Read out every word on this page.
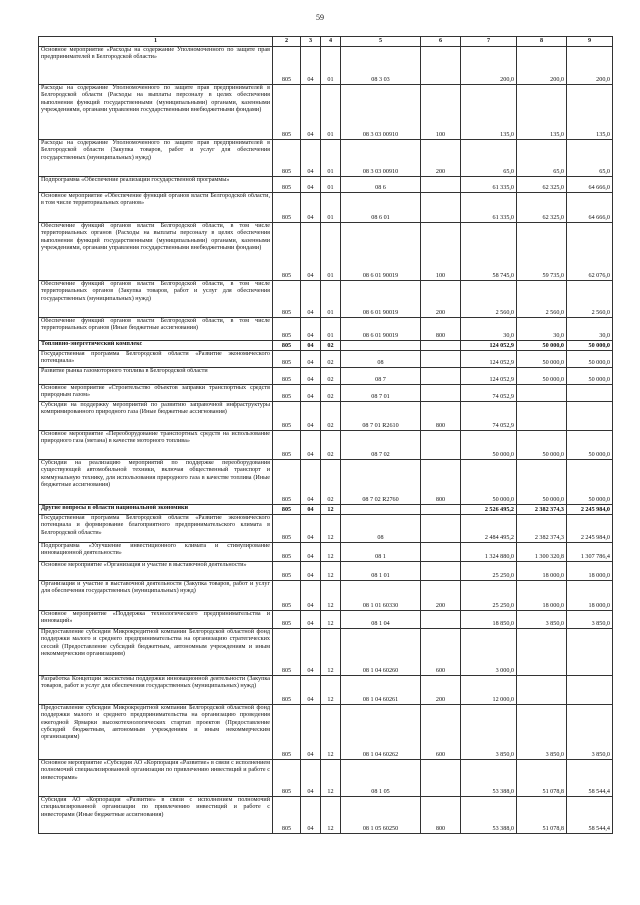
59
1	2	3	4	5	6	7	8	9
Основное мероприятие «Расходы на содержание Уполномоченного по защите прав предпринимателей в Белгородской области»	805	04	01	08 3 03		200,0	200,0	200,0
Расходы на содержание Уполномоченного по защите прав предпринимателей в Белгородской области (Расходы на выплаты персоналу в целях обеспечения выполнения функций государственными (муниципальными) органами, казенными учреждениями, органами управления государственными внебюджетными фондами)	805	04	01	08 3 03 00910	100	135,0	135,0	135,0
Расходы на содержание Уполномоченного по защите прав предпринимателей в Белгородской области (Закупка товаров, работ и услуг для обеспечения государственных (муниципальных) нужд)	805	04	01	08 3 03 00910	200	65,0	65,0	65,0
Подпрограмма «Обеспечение реализации государственной программы»	805	04	01	08 6		61 335,0	62 325,0	64 666,0
Основное мероприятие «Обеспечение функций органов власти Белгородской области, в том числе территориальных органов»	805	04	01	08 6 01		61 335,0	62 325,0	64 666,0
Обеспечение функций органов власти Белгородской области, в том числе территориальных органов (Расходы на выплаты персоналу в целях обеспечения выполнения функций государственными (муниципальными) органами, казенными учреждениями, органами управления государственными внебюджетными фондами)	805	04	01	08 6 01 90019	100	58 745,0	59 735,0	62 076,0
Обеспечение функций органов власти Белгородской области, в том числе территориальных органов (Закупка товаров, работ и услуг для обеспечения государственных (муниципальных) нужд)	805	04	01	08 6 01 90019	200	2 560,0	2 560,0	2 560,0
Обеспечение функций органов власти Белгородской области, в том числе территориальных органов (Иные бюджетные ассигнования)	805	04	01	08 6 01 90019	800	30,0	30,0	30,0
Топливно-энергетический комплекс	805	04	02			124 052,9	50 000,0	50 000,0
Государственная программа Белгородской области «Развитие экономического потенциала»	805	04	02	08		124 052,9	50 000,0	50 000,0
Развитие рынка газомоторного топлива в Белгородской области	805	04	02	08 7		124 052,9	50 000,0	50 000,0
Основное мероприятие «Строительство объектов заправки транспортных средств природным газом»	805	04	02	08 7 01		74 052,9		
Субсидии на поддержку мероприятий по развитию заправочной инфраструктуры компримированного природного газа (Иные бюджетные ассигнования)	805	04	02	08 7 01 R2610	800	74 052,9		
Основное мероприятие «Переоборудование транспортных средств на использование природного газа (метана) в качестве моторного топлива»	805	04	02	08 7 02		50 000,0	50 000,0	50 000,0
Субсидии на реализацию мероприятий по поддержке переоборудования существующей автомобильной техники, включая общественный транспорт и коммунальную технику, для использования природного газа в качестве топлива (Иные бюджетные ассигнования)	805	04	02	08 7 02 R2760	800	50 000,0	50 000,0	50 000,0
Другие вопросы в области национальной экономики	805	04	12			2 526 495,2	2 382 374,3	2 245 984,0
Государственная программа Белгородской области «Развитие экономического потенциала и формирование благоприятного предпринимательского климата в Белгородской области»	805	04	12	08		2 484 495,2	2 382 374,3	2 245 984,0
Подпрограмма «Улучшение инвестиционного климата и стимулирование инновационной деятельности»	805	04	12	08 1		1 324 880,0	1 300 320,8	1 307 786,4
Основное мероприятие «Организация и участие в выставочной деятельности»	805	04	12	08 1 01		25 250,0	18 000,0	18 000,0
Организация и участие в выставочной деятельности (Закупка товаров, работ и услуг для обеспечения государственных (муниципальных) нужд)	805	04	12	08 1 01 60330	200	25 250,0	18 000,0	18 000,0
Основное мероприятие «Поддержка технологического предпринимательства и инноваций»	805	04	12	08 1 04		18 850,0	3 850,0	3 850,0
Предоставление субсидии Микрокредитной компании Белгородской областной фонд поддержки малого и среднего предпринимательства на организацию стратегических сессий (Предоставление субсидий бюджетным, автономным учреждениям и иным некоммерческим организациям)	805	04	12	08 1 04 60260	600	3 000,0		
Разработка Концепции экосистемы поддержки инновационной деятельности (Закупка товаров, работ и услуг для обеспечения государственных (муниципальных) нужд)	805	04	12	08 1 04 60261	200	12 000,0		
Предоставление субсидии Микрокредитной компании Белгородской областной фонд поддержки малого и среднего предпринимательства на организацию проведения ежегодной Ярмарки высокотехнологических стартап проектов (Предоставление субсидий бюджетным, автономным учреждениям и иным некоммерческим организациям)	805	04	12	08 1 04 60262	600	3 850,0	3 850,0	3 850,0
Основное мероприятие «Субсидия АО «Корпорация «Развитие» в связи с исполнением полномочий специализированной организации по привлечению инвестиций и работе с инвесторами»	805	04	12	08 1 05		53 388,0	51 078,8	58 544,4
Субсидия АО «Корпорация «Развитие» в связи с исполнением полномочий специализированной организации по привлечению инвестиций и работе с инвесторами (Иные бюджетные ассигнования)	805	04	12	08 1 05 60250	800	53 388,0	51 078,8	58 544,4
